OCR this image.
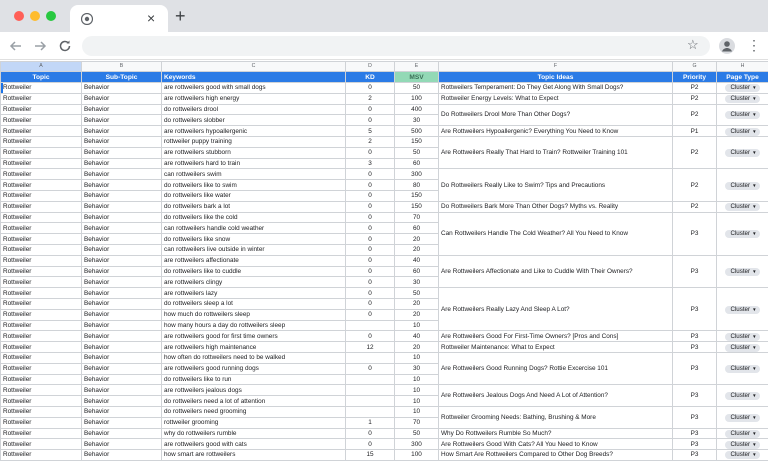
× +
☆	⋮
A	B	C	D	E	F	G	H
Topic	Sub-Topic	Keywords	KD	MSV	Topic Ideas	Priority	Page Type
Rottweiler	Behavior	are rottweilers good with small dogs	0	50	Rottweilers Temperament: Do They Get Along With Small Dogs?	P2	Cluster ▼
Rottweiler	Behavior	are rottweilers high energy	2	100	Rottweiler Energy Levels: What to Expect	P2	Cluster ▼
Rottweiler	Behavior	do rottweilers drool	0	400	Do Rottweilers Drool More Than Other Dogs?	P2	Cluster ▼
Rottweiler	Behavior	do rottweilers slobber	0	30			
Rottweiler	Behavior	are rottweilers hypoallergenic	5	500	Are Rottweilers Hypoallergenic? Everything You Need to Know	P1	Cluster ▼
Rottweiler	Behavior	rottweiler puppy training	2	150	Are Rottweilers Really That Hard to Train? Rottweiler Training 101	P2	Cluster ▼
Rottweiler	Behavior	are rottweilers stubborn	0	50			
Rottweiler	Behavior	are rottweilers hard to train	3	60			
Rottweiler	Behavior	can rottweilers swim	0	300	Do Rottweilers Really Like to Swim? Tips and Precautions	P2	Cluster ▼
Rottweiler	Behavior	do rottweilers like to swim	0	80			
Rottweiler	Behavior	do rottweilers like water	0	150			
Rottweiler	Behavior	do rottweilers bark a lot	0	150	Do Rottweilers Bark More Than Other Dogs? Myths vs. Reality	P2	Cluster ▼
Rottweiler	Behavior	do rottweilers like the cold	0	70	Can Rottweilers Handle The Cold Weather? All You Need to Know	P3	Cluster ▼
Rottweiler	Behavior	can rottweilers handle cold weather	0	60			
Rottweiler	Behavior	do rottweilers like snow	0	20			
Rottweiler	Behavior	can rottweilers live outside in winter	0	20			
Rottweiler	Behavior	are rottweilers affectionate	0	40	Are Rottweilers Affectionate and Like to Cuddle With Their Owners?	P3	Cluster ▼
Rottweiler	Behavior	do rottweilers like to cuddle	0	60			
Rottweiler	Behavior	are rottweilers clingy	0	30			
Rottweiler	Behavior	are rottweilers lazy	0	50	Are Rottweilers Really Lazy And Sleep A Lot?	P3	Cluster ▼
Rottweiler	Behavior	do rottweilers sleep a lot	0	20			
Rottweiler	Behavior	how much do rottweilers sleep	0	20			
Rottweiler	Behavior	how many hours a day do rottweilers sleep		10			
Rottweiler	Behavior	are rottweilers good for first time owners	0	40	Are Rottweilers Good For First-Time Owners? [Pros and Cons]	P3	Cluster ▼
Rottweiler	Behavior	are rottweilers high maintenance	12	20	Rottweiler Maintenance: What to Expect	P3	Cluster ▼
Rottweiler	Behavior	how often do rottweilers need to be walked		10	Are Rottweilers Good Running Dogs? Rottie Excercise 101	P3	Cluster ▼
Rottweiler	Behavior	are rottweilers good running dogs	0	30			
Rottweiler	Behavior	do rottweilers like to run		10			
Rottweiler	Behavior	are rottweilers jealous dogs		10	Are Rottweilers Jealous Dogs And Need A Lot of Attention?	P3	Cluster ▼
Rottweiler	Behavior	do rottweilers need a lot of attention		10			
Rottweiler	Behavior	do rottweilers need grooming		10	Rottweiler Grooming Needs: Bathing, Brushing & More	P3	Cluster ▼
Rottweiler	Behavior	rottweiler grooming	1	70			
Rottweiler	Behavior	why do rottweilers rumble	0	50	Why Do Rottweilers Rumble So Much?	P3	Cluster ▼
Rottweiler	Behavior	are rottweilers good with cats	0	300	Are Rottweilers Good With Cats? All You Need to Know	P3	Cluster ▼
Rottweiler	Behavior	how smart are rottweilers	15	100	How Smart Are Rottweilers Compared to Other Dog Breeds?	P3	Cluster ▼
